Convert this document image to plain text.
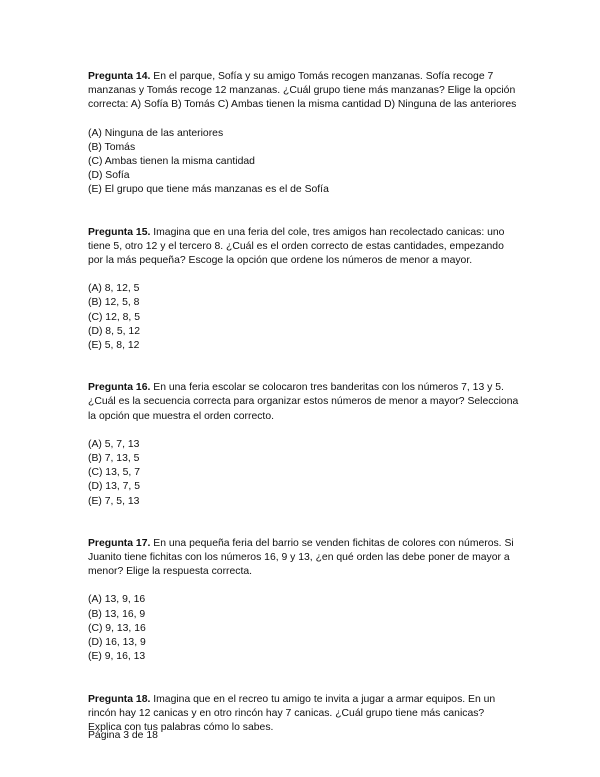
Pregunta 14. En el parque, Sofía y su amigo Tomás recogen manzanas. Sofía recoge 7 manzanas y Tomás recoge 12 manzanas. ¿Cuál grupo tiene más manzanas? Elige la opción correcta: A) Sofía B) Tomás C) Ambas tienen la misma cantidad D) Ninguna de las anteriores

(A) Ninguna de las anteriores
(B) Tomás
(C) Ambas tienen la misma cantidad
(D) Sofía
(E) El grupo que tiene más manzanas es el de Sofía

Pregunta 15. Imagina que en una feria del cole, tres amigos han recolectado canicas: uno tiene 5, otro 12 y el tercero 8. ¿Cuál es el orden correcto de estas cantidades, empezando por la más pequeña? Escoge la opción que ordene los números de menor a mayor.

(A) 8, 12, 5
(B) 12, 5, 8
(C) 12, 8, 5
(D) 8, 5, 12
(E) 5, 8, 12

Pregunta 16. En una feria escolar se colocaron tres banderitas con los números 7, 13 y 5. ¿Cuál es la secuencia correcta para organizar estos números de menor a mayor? Selecciona la opción que muestra el orden correcto.

(A) 5, 7, 13
(B) 7, 13, 5
(C) 13, 5, 7
(D) 13, 7, 5
(E) 7, 5, 13

Pregunta 17. En una pequeña feria del barrio se venden fichitas de colores con números. Si Juanito tiene fichitas con los números 16, 9 y 13, ¿en qué orden las debe poner de mayor a menor? Elige la respuesta correcta.

(A) 13, 9, 16
(B) 13, 16, 9
(C) 9, 13, 16
(D) 16, 13, 9
(E) 9, 16, 13

Pregunta 18. Imagina que en el recreo tu amigo te invita a jugar a armar equipos. En un rincón hay 12 canicas y en otro rincón hay 7 canicas. ¿Cuál grupo tiene más canicas? Explica con tus palabras cómo lo sabes.

Página 3 de 18
